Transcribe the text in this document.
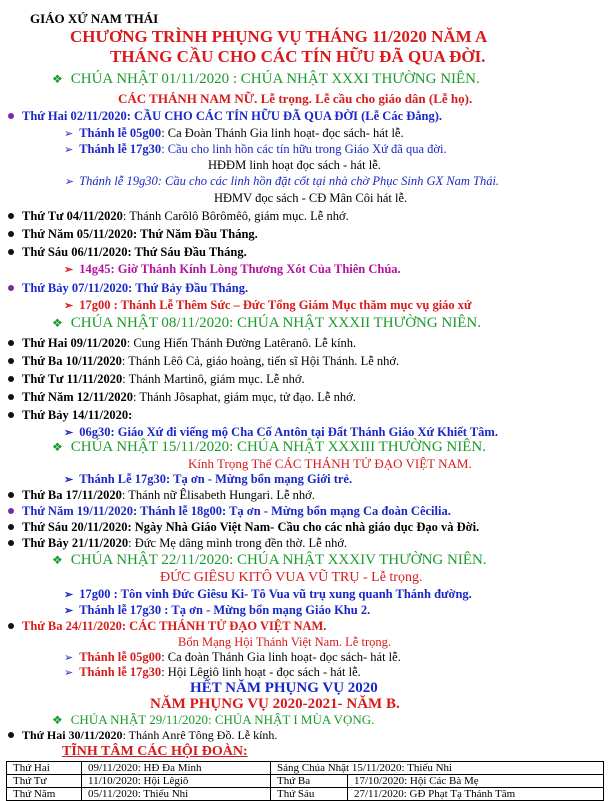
GIÁO XỨ NAM THÁI
CHƯƠNG TRÌNH PHỤNG VỤ THÁNG 11/2020 NĂM A
THÁNG CẦU CHO CÁC TÍN HỮU ĐÃ QUA ĐỜI.
❖ CHÚA NHẬT 01/11/2020 : CHÚA NHẬT XXXI THƯỜNG NIÊN.
CÁC THÁNH NAM NỮ. Lễ trọng. Lễ cầu cho giáo dân (Lễ họ).
Thứ Hai 02/11/2020: CẦU CHO CÁC TÍN HỮU ĐÃ QUA ĐỜI (Lễ Các Đẳng).
➢ Thánh lễ 05g00: Ca Đoàn Thánh Gia linh hoạt- đọc sách- hát lễ.
➢ Thánh lễ 17g30: Cầu cho linh hồn các tín hữu trong Giáo Xứ đã qua đời.
HĐĐM linh hoạt đọc sách - hát lễ.
➢ Thánh lễ 19g30: Cầu cho các linh hồn đặt cốt tại nhà chờ Phục Sinh GX Nam Thái.
HĐMV đọc sách - CĐ Mân Côi hát lễ.
Thứ Tư 04/11/2020: Thánh Carôlô Bôrômêô, giám mục. Lễ nhớ.
Thứ Năm 05/11/2020: Thứ Năm Đầu Tháng.
Thứ Sáu 06/11/2020: Thứ Sáu Đầu Tháng.
➢ 14g45: Giờ Thánh Kính Lòng Thương Xót Của Thiên Chúa.
Thứ Bảy 07/11/2020: Thứ Bảy Đầu Tháng.
➢ 17g00 : Thánh Lễ Thêm Sức – Đức Tổng Giám Mục thăm mục vụ giáo xứ
❖ CHÚA NHẬT 08/11/2020: CHÚA NHẬT XXXII THƯỜNG NIÊN.
Thứ Hai 09/11/2020: Cung Hiến Thánh Đường Latêranô. Lễ kính.
Thứ Ba 10/11/2020: Thánh Lêô Cả, giáo hoàng, tiến sĩ Hội Thánh. Lễ nhớ.
Thứ Tư 11/11/2020: Thánh Martinô, giám mục. Lễ nhớ.
Thứ Năm 12/11/2020: Thánh Jôsaphat, giám mục, tử đạo. Lễ nhớ.
Thứ Bảy 14/11/2020:
➢ 06g30: Giáo Xứ đi viếng mộ Cha Cố Antôn tại Đất Thánh Giáo Xứ Khiết Tâm.
❖ CHÚA NHẬT 15/11/2020: CHÚA NHẬT XXXIII THƯỜNG NIÊN.
Kính Trọng Thể CÁC THÁNH TỬ ĐẠO VIỆT NAM.
➢ Thánh Lễ 17g30: Tạ ơn - Mừng bổn mạng Giới trẻ.
Thứ Ba 17/11/2020: Thánh nữ Êlisabeth Hungari. Lễ nhớ.
Thứ Năm 19/11/2020: Thánh lễ 18g00: Tạ ơn - Mừng bổn mạng Ca đoàn Cêcilia.
Thứ Sáu 20/11/2020: Ngày Nhà Giáo Việt Nam- Cầu cho các nhà giáo dục Đạo và Đời.
Thứ Bảy 21/11/2020: Đức Mẹ dâng mình trong đền thờ. Lễ nhớ.
❖ CHÚA NHẬT 22/11/2020: CHÚA NHẬT XXXIV THƯỜNG NIÊN.
ĐỨC GIÊSU KITÔ VUA VŨ TRỤ - Lễ trọng.
➢ 17g00 : Tôn vinh Đức Giêsu Ki- Tô Vua vũ trụ xung quanh Thánh đường.
➢ Thánh lễ 17g30 : Tạ ơn - Mừng bổn mạng Giáo Khu 2.
Thứ Ba 24/11/2020: CÁC THÁNH TỬ ĐẠO VIỆT NAM.
Bổn Mạng Hội Thánh Việt Nam. Lễ trọng.
➢ Thánh lễ 05g00: Ca đoàn Thánh Gia linh hoạt- đọc sách- hát lễ.
➢ Thánh lễ 17g30: Hội Lêgiô linh hoạt - đọc sách - hát lễ.
HẾT NĂM PHỤNG VỤ 2020
NĂM PHỤNG VỤ 2020-2021- NĂM B.
❖ CHÚA NHẬT 29/11/2020: CHÚA NHẬT I MÙA VỌNG.
Thứ Hai 30/11/2020: Thánh Anrê Tông Đồ. Lễ kính.
TĨNH TÂM CÁC HỘI ĐOÀN:
Thứ Hai	09/11/2020: HĐ Đa Minh	Sáng Chúa Nhật 15/11/2020: Thiếu Nhi	
Thứ Tư	11/10/2020: Hội Lêgiô	Thứ Ba	17/10/2020: Hội Các Bà Mẹ
Thứ Năm	05/11/2020: Thiếu Nhi	Thứ Sáu	27/11/2020: GĐ Phạt Tạ Thánh Tâm
